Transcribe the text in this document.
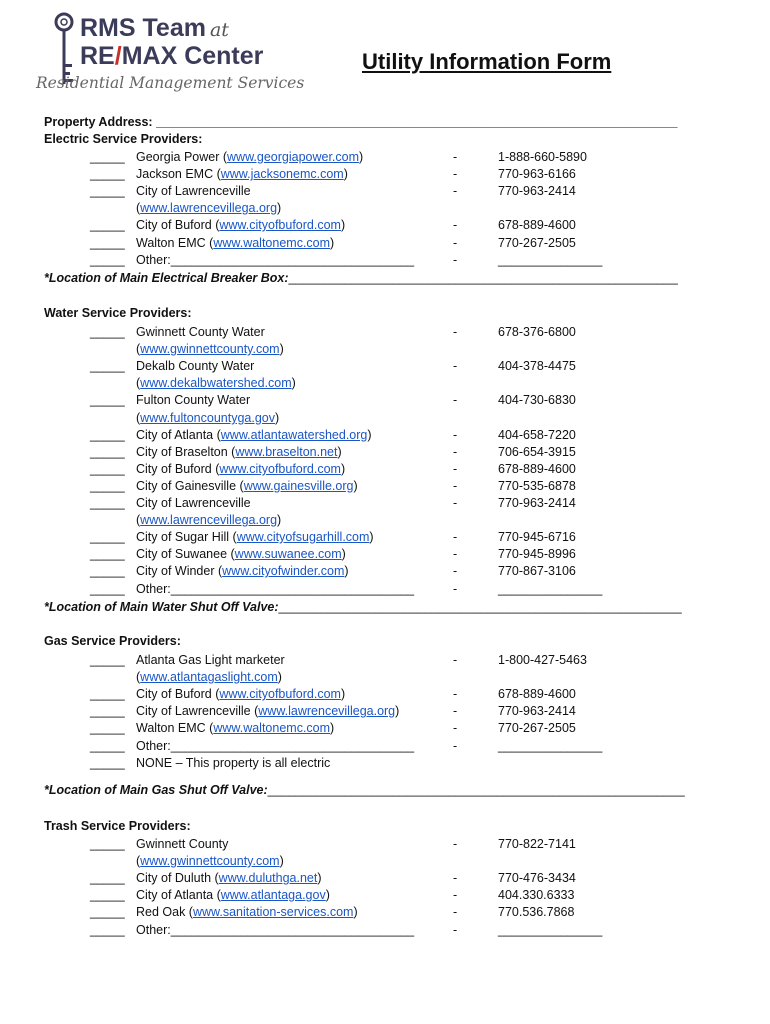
RMS Team at
RE/MAX Center
Residential Management Services
Utility Information Form
Property Address: ___________________________________________________________________________
Electric Service Providers:
_____ Georgia Power (www.georgiapower.com)	-	1-888-660-5890
_____ Jackson EMC (www.jacksonemc.com)	-	770-963-6166
_____ City of Lawrenceville	-	770-963-2414
(www.lawrencevillega.org)
_____ City of Buford (www.cityofbuford.com)	-	678-889-4600
_____ Walton EMC (www.waltonemc.com)	-	770-267-2505
_____ Other:___________________________________	-	_______________
*Location of Main Electrical Breaker Box:________________________________________________________
Water Service Providers:
_____ Gwinnett County Water	-	678-376-6800
(www.gwinnettcounty.com)
_____ Dekalb County Water	-	404-378-4475
(www.dekalbwatershed.com)
_____ Fulton County Water	-	404-730-6830
(www.fultoncountyga.gov)
_____ City of Atlanta (www.atlantawatershed.org)	-	404-658-7220
_____ City of Braselton (www.braselton.net)	-	706-654-3915
_____ City of Buford (www.cityofbuford.com)	-	678-889-4600
_____ City of Gainesville (www.gainesville.org)	-	770-535-6878
_____ City of Lawrenceville	-	770-963-2414
(www.lawrencevillega.org)
_____ City of Sugar Hill (www.cityofsugarhill.com)	-	770-945-6716
_____ City of Suwanee (www.suwanee.com)	-	770-945-8996
_____ City of Winder (www.cityofwinder.com)	-	770-867-3106
_____ Other:___________________________________	-	_______________
*Location of Main Water Shut Off Valve:__________________________________________________________
Gas Service Providers:
_____ Atlanta Gas Light marketer	-	1-800-427-5463
(www.atlantagaslight.com)
_____ City of Buford (www.cityofbuford.com)	-	678-889-4600
_____ City of Lawrenceville (www.lawrencevillega.org)	-	770-963-2414
_____ Walton EMC (www.waltonemc.com)	-	770-267-2505
_____ Other:___________________________________	-	_______________
_____ NONE – This property is all electric
*Location of Main Gas Shut Off Valve:____________________________________________________________
Trash Service Providers:
_____ Gwinnett County	-	770-822-7141
(www.gwinnettcounty.com)
_____ City of Duluth (www.duluthga.net)	-	770-476-3434
_____ City of Atlanta (www.atlantaga.gov)	-	404.330.6333
_____ Red Oak (www.sanitation-services.com)	-	770.536.7868
_____ Other:___________________________________	-	_______________
